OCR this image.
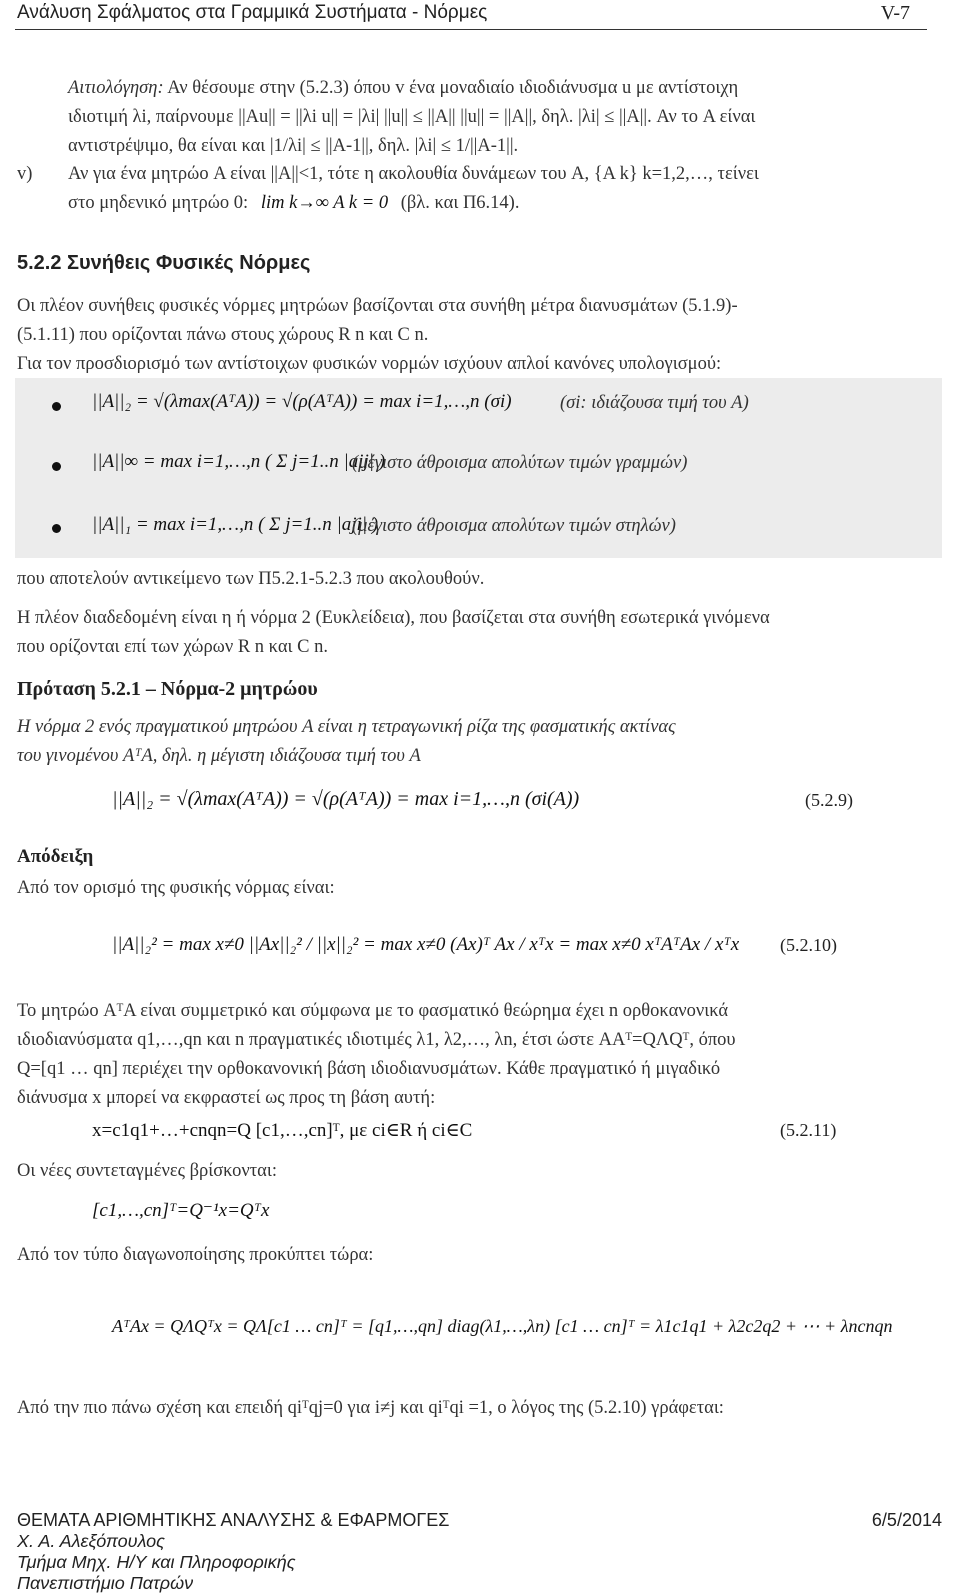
Ανάλυση Σφάλματος στα Γραμμικά Συστήματα - Νόρμες	V-7
Αιτιολόγηση: Αν θέσουμε στην (5.2.3) όπου v ένα μοναδιαίο ιδιοδιάνυσμα u με αντίστοιχη
ιδιοτιμή λi, παίρνουμε ||Au|| = ||λi u|| = |λi| ||u|| ≤ ||A|| ||u|| = ||A||, δηλ. |λi| ≤ ||A||. Αν το A είναι
αντιστρέψιμο, θα είναι και |1/λi| ≤ ||A-1||, δηλ. |λi| ≤ 1/||A-1||.
v) Αν για ένα μητρώο A είναι ||A||<1, τότε η ακολουθία δυνάμεων του A, {A k} k=1,2,…, τείνει
στο μηδενικό μητρώο 0: lim k→∞ A k = 0 (βλ. και Π6.14).
5.2.2 Συνήθεις Φυσικές Νόρμες
Οι πλέον συνήθεις φυσικές νόρμες μητρώων βασίζονται στα συνήθη μέτρα διανυσμάτων (5.1.9)-
(5.1.11) που ορίζονται πάνω στους χώρους R n και C n.
Για τον προσδιορισμό των αντίστοιχων φυσικών νορμών ισχύουν απλοί κανόνες υπολογισμού:
||A||₂ = √(λmax(AᵀA)) = √(ρ(AᵀA)) = max i=1,…,n (σi)	(σi: ιδιάζουσα τιμή του A)
||A||∞ = max i=1,…,n ( Σ j=1..n |aij| )
(μέγιστο άθροισμα απολύτων τιμών γραμμών)
||A||₁ = max i=1,…,n ( Σ j=1..n |aji| )
(μέγιστο άθροισμα απολύτων τιμών στηλών)
που αποτελούν αντικείμενο των Π5.2.1-5.2.3 που ακολουθούν.
Η πλέον διαδεδομένη είναι η ή νόρμα 2 (Ευκλείδεια), που βασίζεται στα συνήθη εσωτερικά γινόμενα
που ορίζονται επί των χώρων R n και C n.
Πρόταση 5.2.1 – Νόρμα-2 μητρώου
Η νόρμα 2 ενός πραγματικού μητρώου A είναι η τετραγωνική ρίζα της φασματικής ακτίνας
του γινομένου AᵀA, δηλ. η μέγιστη ιδιάζουσα τιμή του A
||A||₂ = √(λmax(AᵀA)) = √(ρ(AᵀA)) = max i=1,…,n (σi(A))	(5.2.9)
Απόδειξη
Από τον ορισμό της φυσικής νόρμας είναι:
||A||₂² = max x≠0 ||Ax||₂² / ||x||₂² = max x≠0 (Ax)ᵀ Ax / xᵀx = max x≠0 xᵀAᵀAx / xᵀx (5.2.10)
Το μητρώο AᵀA είναι συμμετρικό και σύμφωνα με το φασματικό θεώρημα έχει n ορθοκανονικά
ιδιοδιανύσματα q1,…,qn και n πραγματικές ιδιοτιμές λ1, λ2,…, λn, έτσι ώστε AAᵀ=QΛQᵀ, όπου
Q=[q1 … qn] περιέχει την ορθοκανονική βάση ιδιοδιανυσμάτων. Κάθε πραγματικό ή μιγαδικό
διάνυσμα x μπορεί να εκφραστεί ως προς τη βάση αυτή:
x=c1q1+…+cnqn=Q [c1,…,cn]ᵀ, με ci∈R ή ci∈C	(5.2.11)
Οι νέες συντεταγμένες βρίσκονται:
[c1,…,cn]ᵀ=Q⁻¹x=Qᵀx
Από τον τύπο διαγωνοποίησης προκύπτει τώρα:
AᵀAx = QΛQᵀx = QΛ[c1 … cn]ᵀ = [q1,…,qn] diag(λ1,…,λn) [c1 … cn]ᵀ = λ1c1q1 + λ2c2q2 + ⋯ + λncnqn
Από την πιο πάνω σχέση και επειδή qiᵀqj=0 για i≠j και qiᵀqi =1, ο λόγος της (5.2.10) γράφεται:
ΘΕΜΑΤΑ ΑΡΙΘΜΗΤΙΚΗΣ ΑΝΑΛΥΣΗΣ & ΕΦΑΡΜΟΓΕΣ
Χ. Α. Αλεξόπουλος
Τμήμα Μηχ. Η/Υ και Πληροφορικής
Πανεπιστήμιο Πατρών
6/5/2014
